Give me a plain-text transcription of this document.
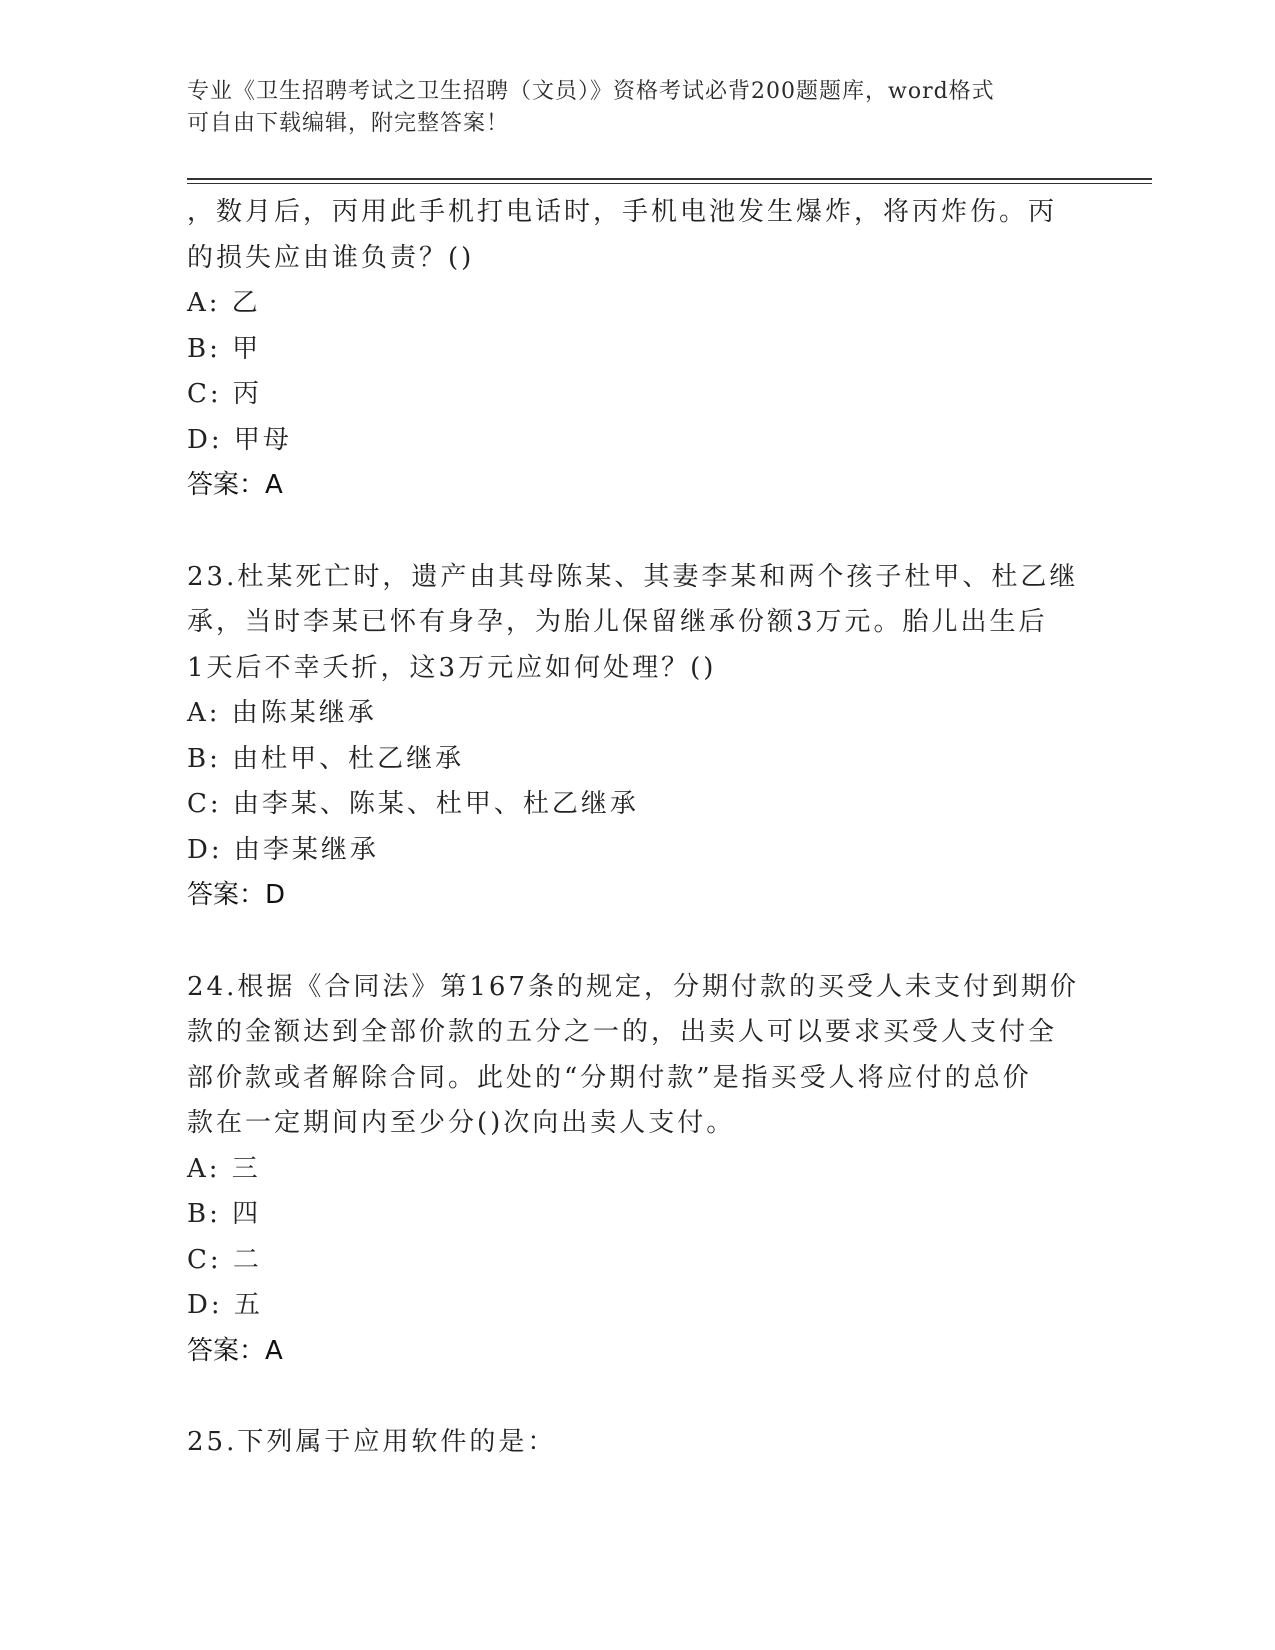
专业《卫生招聘考试之卫生招聘（文员）》资格考试必背200题题库，word格式
可自由下载编辑，附完整答案！
，数月后，丙用此手机打电话时，手机电池发生爆炸，将丙炸伤。丙
的损失应由谁负责？()
A: 乙
B: 甲
C: 丙
D: 甲母
答案：A
23.杜某死亡时，遗产由其母陈某、其妻李某和两个孩子杜甲、杜乙继
承，当时李某已怀有身孕，为胎儿保留继承份额3万元。胎儿出生后
1天后不幸夭折，这3万元应如何处理？()
A: 由陈某继承
B: 由杜甲、杜乙继承
C: 由李某、陈某、杜甲、杜乙继承
D: 由李某继承
答案：D
24.根据《合同法》第167条的规定，分期付款的买受人未支付到期价
款的金额达到全部价款的五分之一的，出卖人可以要求买受人支付全
部价款或者解除合同。此处的“分期付款”是指买受人将应付的总价
款在一定期间内至少分()次向出卖人支付。
A: 三
B: 四
C: 二
D: 五
答案：A
25.下列属于应用软件的是：
